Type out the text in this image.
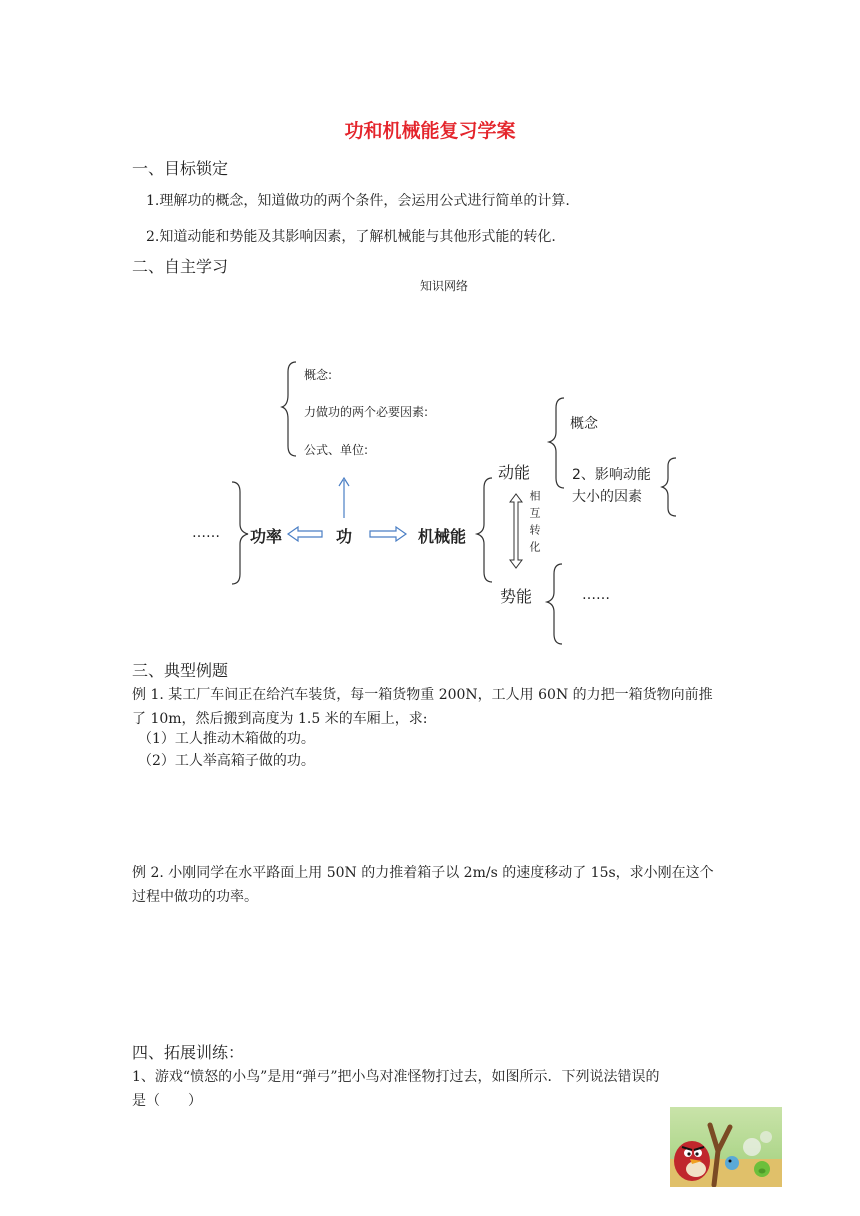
功和机械能复习学案
一、目标锁定
1.理解功的概念，知道做功的两个条件，会运用公式进行简单的计算.
2.知道动能和势能及其影响因素，了解机械能与其他形式能的转化.
二、自主学习
知识网络
概念:
力做功的两个必要因素:
公式、单位:
…… 功率	功	机械能
动能
概念
2、影响动能
大小的因素
相互转化
势能	……
三、典型例题
例 1. 某工厂车间正在给汽车装货，每一箱货物重 200N，工人用 60N 的力把一箱货物向前推
了 10m，然后搬到高度为 1.5 米的车厢上，求:
（1）工人推动木箱做的功。
（2）工人举高箱子做的功。
例 2. 小刚同学在水平路面上用 50N 的力推着箱子以 2m/s 的速度移动了 15s，求小刚在这个
过程中做功的功率。
四、拓展训练：
1、游戏“愤怒的小鸟”是用“弹弓”把小鸟对准怪物打过去，如图所示．下列说法错误的
是（　　）
